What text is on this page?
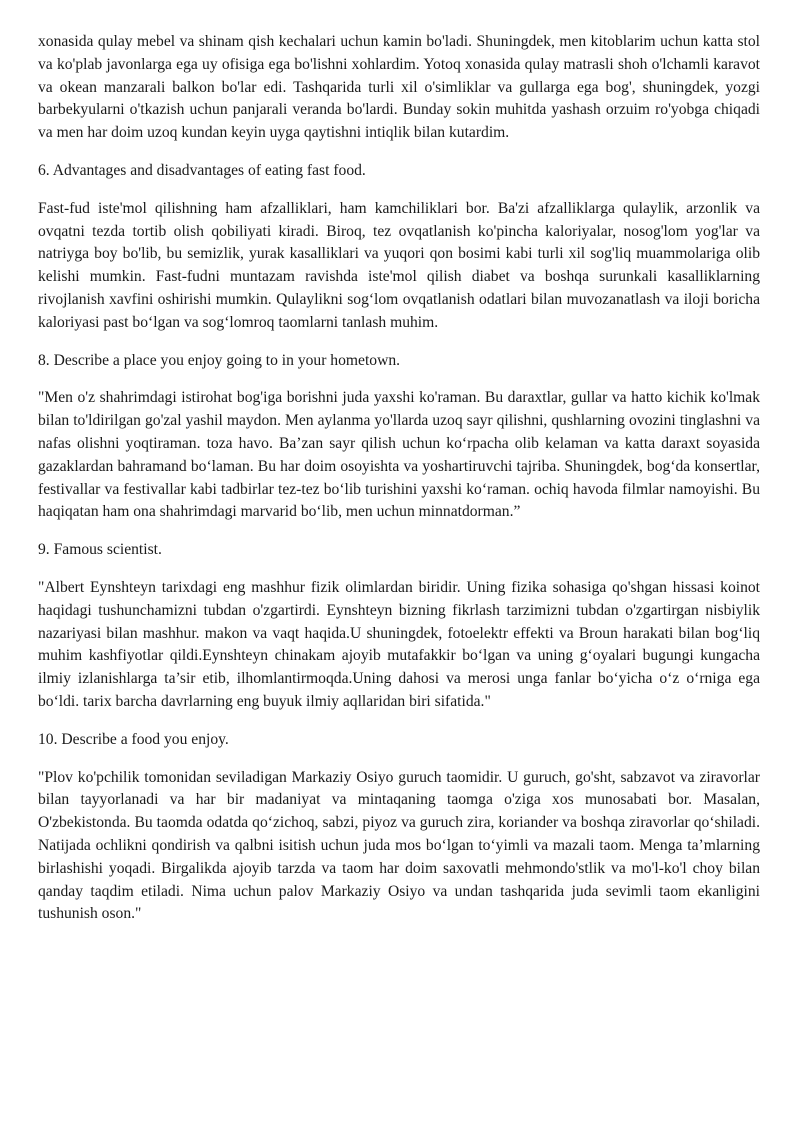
xonasida qulay mebel va shinam qish kechalari uchun kamin bo'ladi. Shuningdek, men kitoblarim uchun katta stol va ko'plab javonlarga ega uy ofisiga ega bo'lishni xohlardim. Yotoq xonasida qulay matrasli shoh o'lchamli karavot va okean manzarali balkon bo'lar edi. Tashqarida turli xil o'simliklar va gullarga ega bog', shuningdek, yozgi barbekyularni o'tkazish uchun panjarali veranda bo'lardi. Bunday sokin muhitda yashash orzuim ro'yobga chiqadi va men har doim uzoq kundan keyin uyga qaytishni intiqlik bilan kutardim.

6. Advantages and disadvantages of eating fast food.

Fast-fud iste'mol qilishning ham afzalliklari, ham kamchiliklari bor. Ba'zi afzalliklarga qulaylik, arzonlik va ovqatni tezda tortib olish qobiliyati kiradi. Biroq, tez ovqatlanish ko'pincha kaloriyalar, nosog'lom yog'lar va natriyga boy bo'lib, bu semizlik, yurak kasalliklari va yuqori qon bosimi kabi turli xil sog'liq muammolariga olib kelishi mumkin. Fast-fudni muntazam ravishda iste'mol qilish diabet va boshqa surunkali kasalliklarning rivojlanish xavfini oshirishi mumkin. Qulaylikni sog‘lom ovqatlanish odatlari bilan muvozanatlash va iloji boricha kaloriyasi past bo‘lgan va sog‘lomroq taomlarni tanlash muhim.

8. Describe a place you enjoy going to in your hometown.

"Men o'z shahrimdagi istirohat bog'iga borishni juda yaxshi ko'raman. Bu daraxtlar, gullar va hatto kichik ko'lmak bilan to'ldirilgan go'zal yashil maydon. Men aylanma yo'llarda uzoq sayr qilishni, qushlarning ovozini tinglashni va nafas olishni yoqtiraman. toza havo. Ba’zan sayr qilish uchun ko‘rpacha olib kelaman va katta daraxt soyasida gazaklardan bahramand bo‘laman. Bu har doim osoyishta va yoshartiruvchi tajriba. Shuningdek, bog‘da konsertlar, festivallar va festivallar kabi tadbirlar tez-tez bo‘lib turishini yaxshi ko‘raman. ochiq havoda filmlar namoyishi. Bu haqiqatan ham ona shahrimdagi marvarid bo‘lib, men uchun minnatdorman.”

9. Famous scientist.

"Albert Eynshteyn tarixdagi eng mashhur fizik olimlardan biridir. Uning fizika sohasiga qo'shgan hissasi koinot haqidagi tushunchamizni tubdan o'zgartirdi. Eynshteyn bizning fikrlash tarzimizni tubdan o'zgartirgan nisbiylik nazariyasi bilan mashhur. makon va vaqt haqida.U shuningdek, fotoelektr effekti va Broun harakati bilan bog‘liq muhim kashfiyotlar qildi.Eynshteyn chinakam ajoyib mutafakkir bo‘lgan va uning g‘oyalari bugungi kungacha ilmiy izlanishlarga ta’sir etib, ilhomlantirmoqda.Uning dahosi va merosi unga fanlar bo‘yicha o‘z o‘rniga ega bo‘ldi. tarix barcha davrlarning eng buyuk ilmiy aqllaridan biri sifatida."

10. Describe a food you enjoy.

"Plov ko'pchilik tomonidan seviladigan Markaziy Osiyo guruch taomidir. U guruch, go'sht, sabzavot va ziravorlar bilan tayyorlanadi va har bir madaniyat va mintaqaning taomga o'ziga xos munosabati bor. Masalan, O'zbekistonda. Bu taomda odatda qo‘zichoq, sabzi, piyoz va guruch zira, koriander va boshqa ziravorlar qo‘shiladi. Natijada ochlikni qondirish va qalbni isitish uchun juda mos bo‘lgan to‘yimli va mazali taom. Menga ta’mlarning birlashishi yoqadi. Birgalikda ajoyib tarzda va taom har doim saxovatli mehmondo'stlik va mo'l-ko'l choy bilan qanday taqdim etiladi. Nima uchun palov Markaziy Osiyo va undan tashqarida juda sevimli taom ekanligini tushunish oson."
